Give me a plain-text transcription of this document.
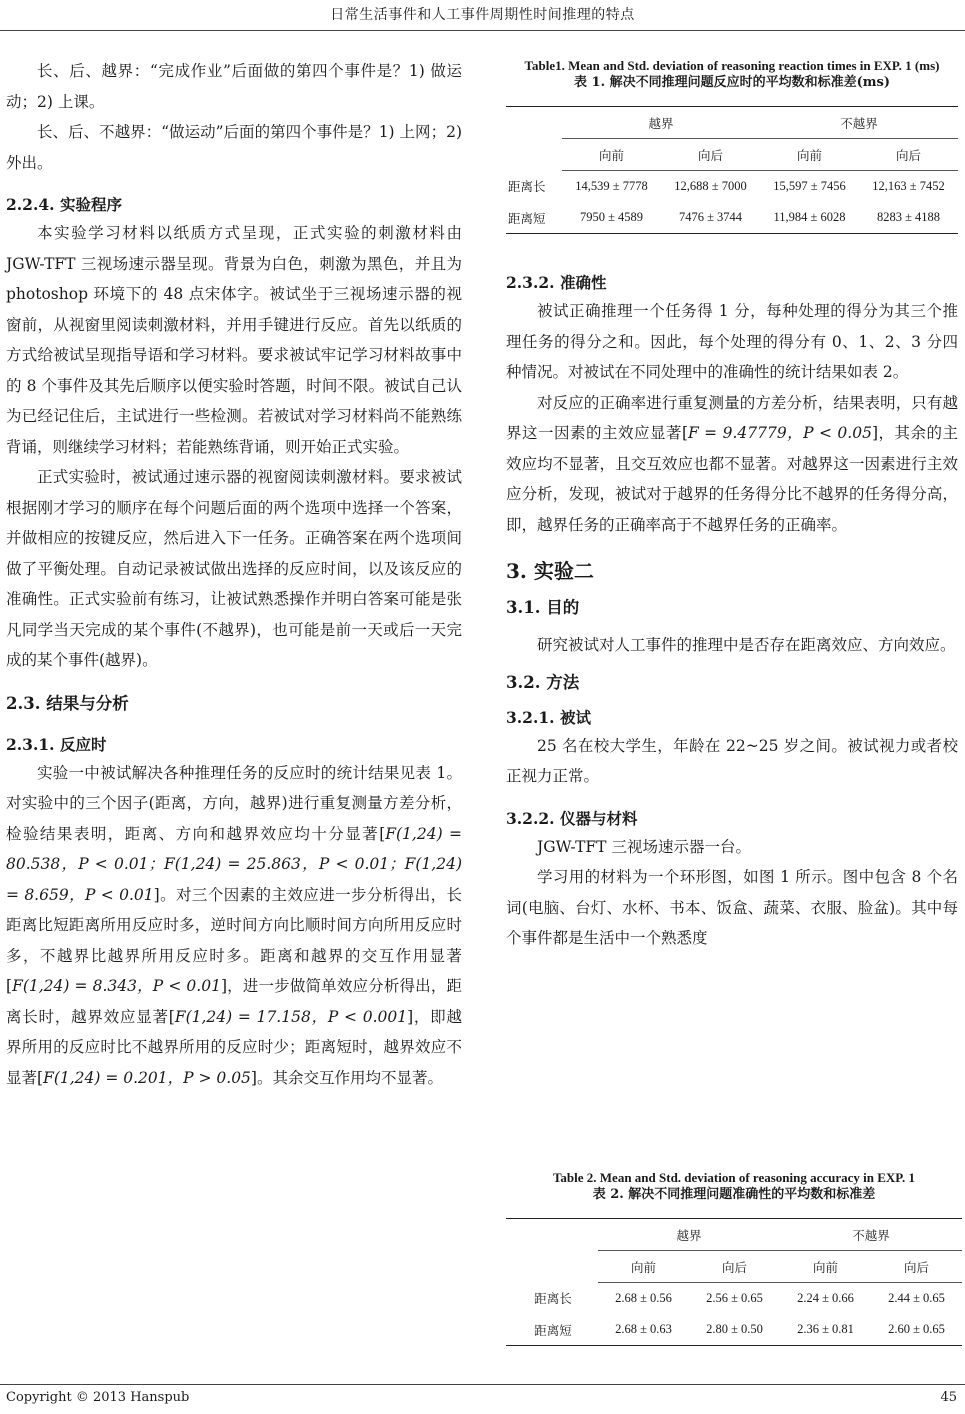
日常生活事件和人工事件周期性时间推理的特点

长、后、越界：“完成作业”后面做的第四个事件是？1) 做运动；2) 上课。

长、后、不越界：“做运动”后面的第四个事件是？1) 上网；2) 外出。

2.2.4. 实验程序

本实验学习材料以纸质方式呈现，正式实验的刺激材料由 JGW-TFT 三视场速示器呈现。背景为白色，刺激为黑色，并且为 photoshop 环境下的 48 点宋体字。被试坐于三视场速示器的视窗前，从视窗里阅读刺激材料，并用手键进行反应。首先以纸质的方式给被试呈现指导语和学习材料。要求被试牢记学习材料故事中的 8 个事件及其先后顺序以便实验时答题，时间不限。被试自己认为已经记住后，主试进行一些检测。若被试对学习材料尚不能熟练背诵，则继续学习材料；若能熟练背诵，则开始正式实验。

正式实验时，被试通过速示器的视窗阅读刺激材料。要求被试根据刚才学习的顺序在每个问题后面的两个选项中选择一个答案，并做相应的按键反应，然后进入下一任务。正确答案在两个选项间做了平衡处理。自动记录被试做出选择的反应时间，以及该反应的准确性。正式实验前有练习，让被试熟悉操作并明白答案可能是张凡同学当天完成的某个事件(不越界)，也可能是前一天或后一天完成的某个事件(越界)。

2.3. 结果与分析
2.3.1. 反应时

实验一中被试解决各种推理任务的反应时的统计结果见表 1。对实验中的三个因子(距离，方向，越界)进行重复测量方差分析，检验结果表明，距离、方向和越界效应均十分显著[F(1,24) = 80.538，P < 0.01；F(1,24) = 25.863，P < 0.01；F(1,24) = 8.659，P < 0.01]。对三个因素的主效应进一步分析得出，长距离比短距离所用反应时多，逆时间方向比顺时间方向所用反应时多，不越界比越界所用反应时多。距离和越界的交互作用显著[F(1,24) = 8.343，P < 0.01]，进一步做简单效应分析得出，距离长时，越界效应显著[F(1,24) = 17.158，P < 0.001]，即越界所用的反应时比不越界所用的反应时少；距离短时，越界效应不显著[F(1,24) = 0.201，P > 0.05]。其余交互作用均不显著。

Table1. Mean and Std. deviation of reasoning reaction times in EXP. 1 (ms)
表 1. 解决不同推理问题反应时的平均数和标准差(ms)
	越界		不越界	
	向前	向后	向前	向后
距离长	14,539 ± 7778	12,688 ± 7000	15,597 ± 7456	12,163 ± 7452
距离短	7950 ± 4589	7476 ± 3744	11,984 ± 6028	8283 ± 4188
2.3.2. 准确性

被试正确推理一个任务得 1 分，每种处理的得分为其三个推理任务的得分之和。因此，每个处理的得分有 0、1、2、3 分四种情况。对被试在不同处理中的准确性的统计结果如表 2。

对反应的正确率进行重复测量的方差分析，结果表明，只有越界这一因素的主效应显著[F = 9.47779，P < 0.05]，其余的主效应均不显著，且交互效应也都不显著。对越界这一因素进行主效应分析，发现，被试对于越界的任务得分比不越界的任务得分高，即，越界任务的正确率高于不越界任务的正确率。

3. 实验二
3.1. 目的

研究被试对人工事件的推理中是否存在距离效应、方向效应。

3.2. 方法
3.2.1. 被试

25 名在校大学生，年龄在 22~25 岁之间。被试视力或者校正视力正常。

3.2.2. 仪器与材料

JGW-TFT 三视场速示器一台。

学习用的材料为一个环形图，如图 1 所示。图中包含 8 个名词(电脑、台灯、水杯、书本、饭盒、蔬菜、衣服、脸盆)。其中每个事件都是生活中一个熟悉度

Table 2. Mean and Std. deviation of reasoning accuracy in EXP. 1
表 2. 解决不同推理问题准确性的平均数和标准差
	越界		不越界	
	向前	向后	向前	向后
距离长	2.68 ± 0.56	2.56 ± 0.65	2.24 ± 0.66	2.44 ± 0.65
距离短	2.68 ± 0.63	2.80 ± 0.50	2.36 ± 0.81	2.60 ± 0.65
Copyright © 2013 Hanspub	45
